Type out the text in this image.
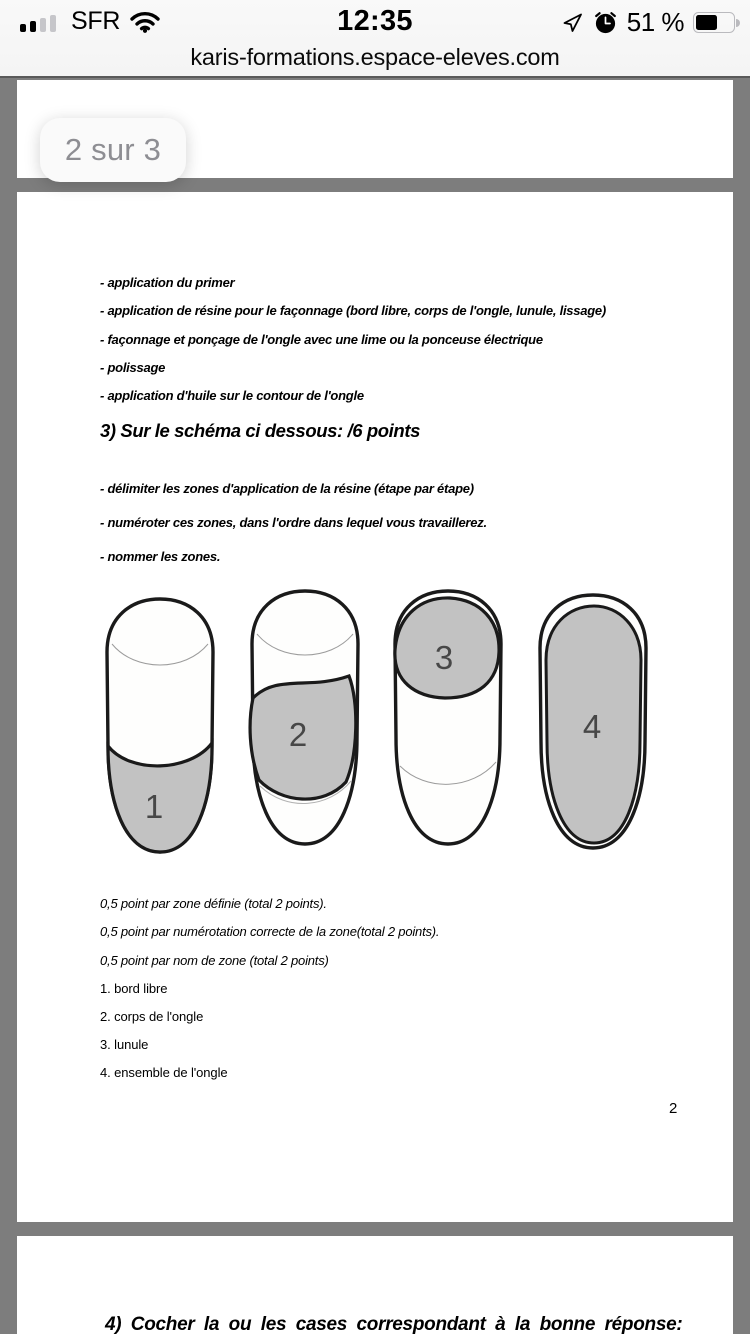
SFR	12:35	51 %
karis-formations.espace-eleves.com
2 sur 3

- application du primer

- application de résine pour le façonnage (bord libre, corps de l'ongle, lunule, lissage)

- façonnage et ponçage de l'ongle avec une lime ou la ponceuse électrique

- polissage

- application d'huile sur le contour de l'ongle

3) Sur le schéma ci dessous: /6 points

- délimiter les zones d'application de la résine (étape par étape)

- numéroter ces zones, dans l'ordre dans lequel vous travaillerez.

- nommer les zones.

1
2
3
4

0,5 point par zone définie (total 2 points).

0,5 point par numérotation correcte de la zone(total 2 points).

0,5 point par nom de zone (total 2 points)

1. bord libre

2. corps de l'ongle

3. lunule

4. ensemble de l'ongle

2
4) Cocher la ou les cases correspondant à la bonne réponse:
